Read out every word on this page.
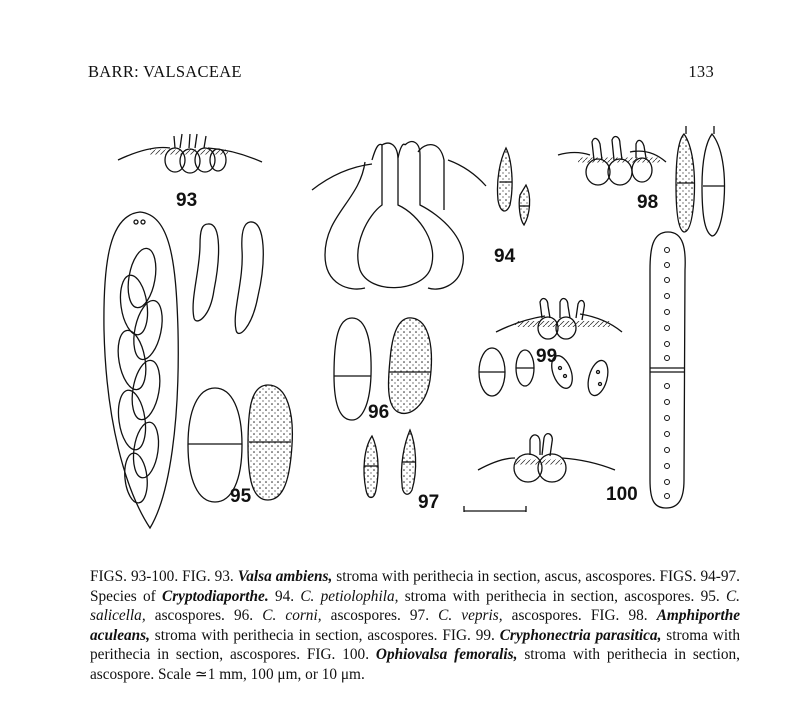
BARR: VALSACEAE	133
93
94
95
96
97
98
99
100
FIGS. 93-100. FIG. 93. Valsa ambiens, stroma with perithecia in section, ascus, ascospores. FIGS. 94-97. Species of Cryptodiaporthe. 94. C. petiolophila, stroma with perithecia in section, ascospores. 95. C. salicella, ascospores. 96. C. corni, ascospores. 97. C. vepris, ascospores. FIG. 98. Amphiporthe aculeans, stroma with perithecia in section, ascospores. FIG. 99. Cryphonectria parasitica, stroma with perithecia in section, ascospores. FIG. 100. Ophiovalsa femoralis, stroma with perithecia in section, ascospore. Scale ≃1 mm, 100 μm, or 10 μm.
